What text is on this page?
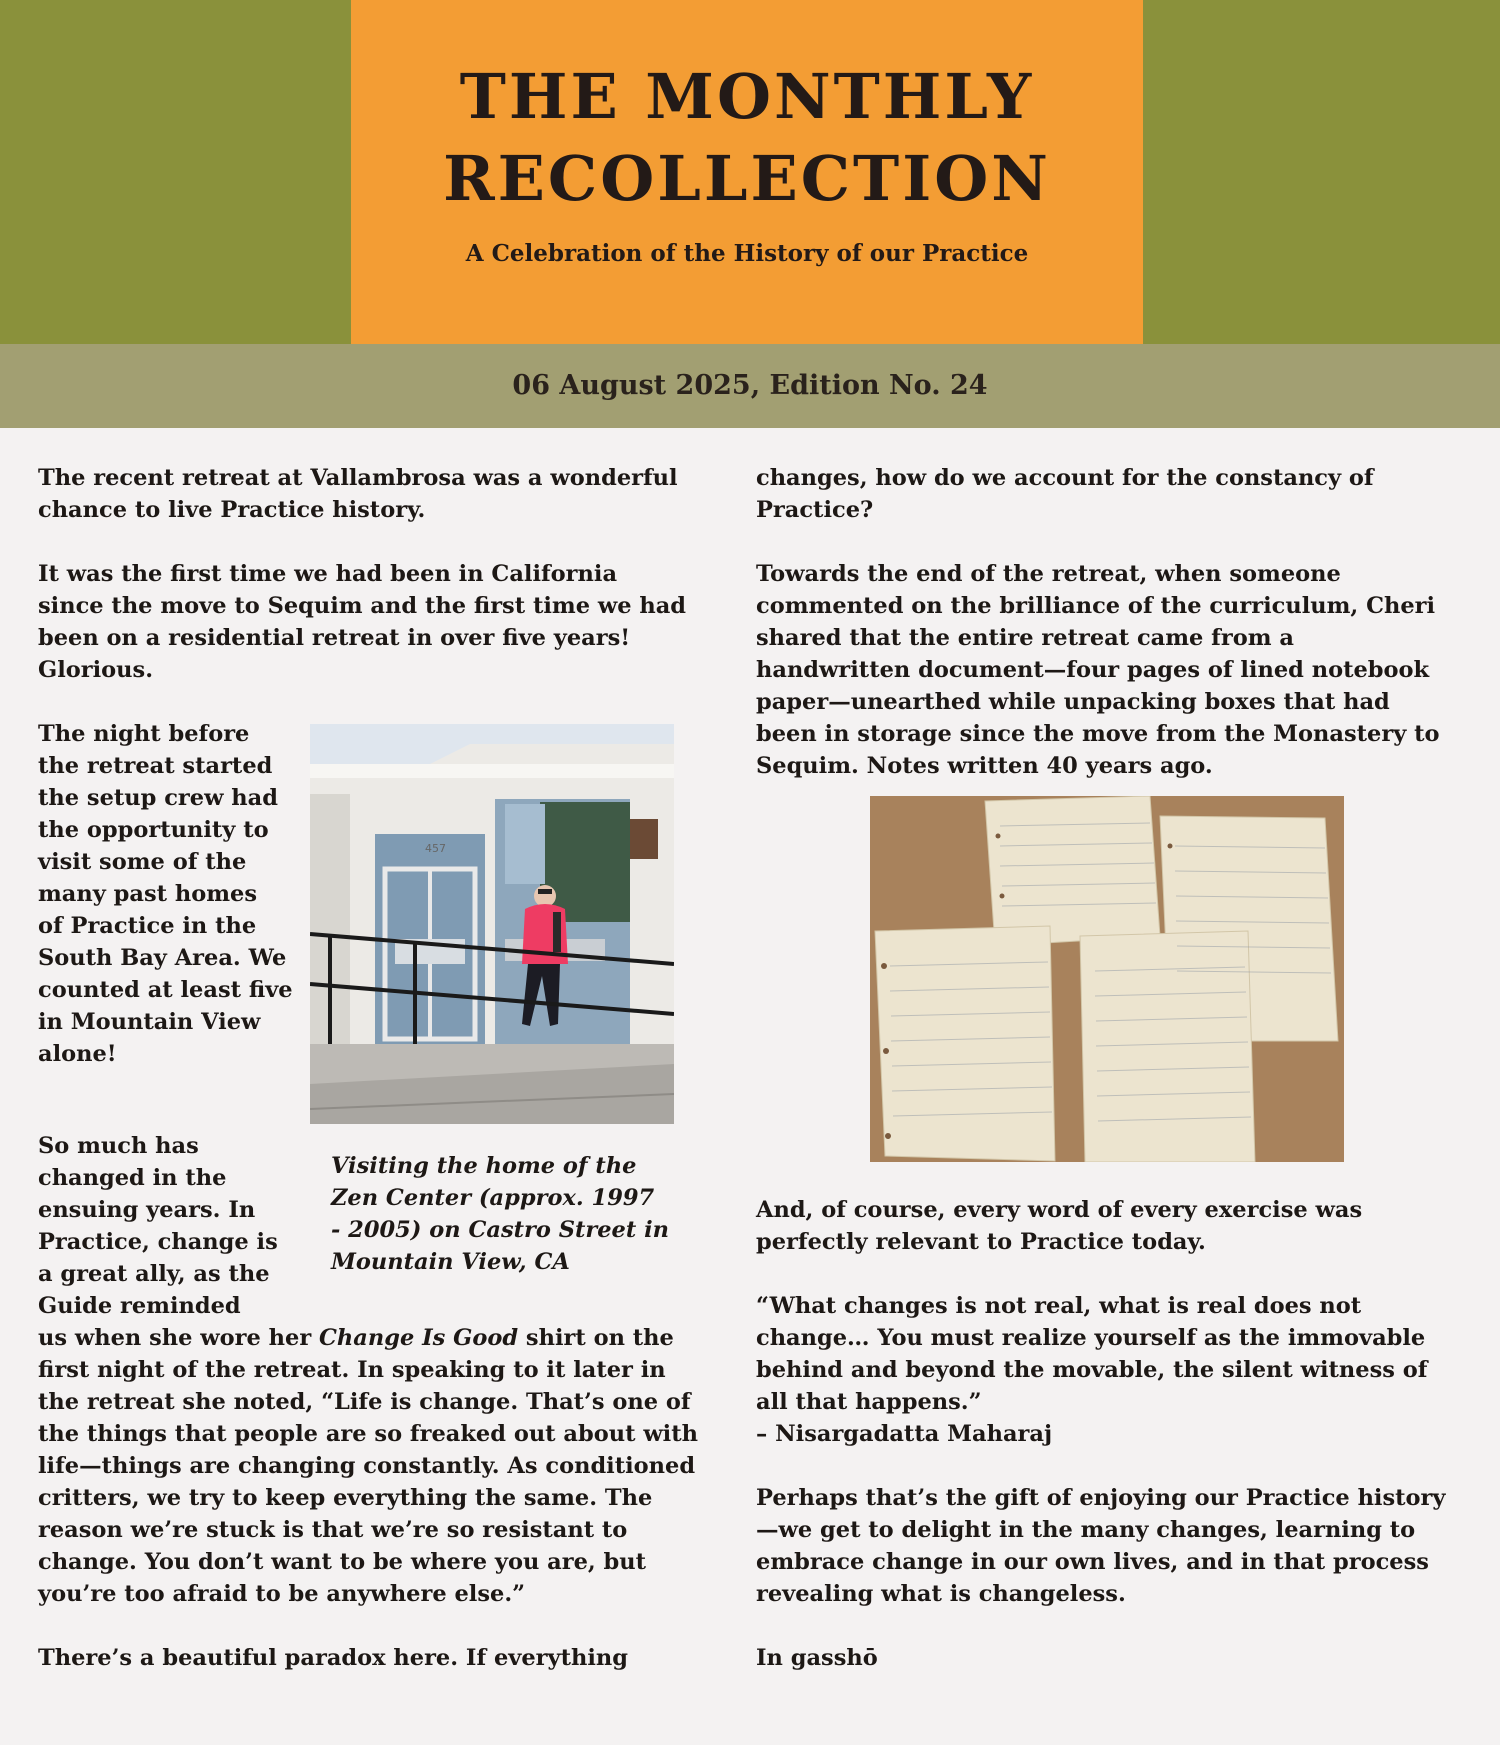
THE MONTHLY
RECOLLECTION
A Celebration of the History of our Practice
06 August 2025, Edition No. 24

The recent retreat at Vallambrosa was a wonderful chance to live Practice history.

It was the first time we had been in California since the move to Sequim and the first time we had been on a residential retreat in over five years! Glorious.

The night before
the retreat started
the setup crew had
the opportunity to
visit some of the
many past homes
of Practice in the
South Bay Area. We
counted at least five
in Mountain View
alone!

457
Visiting the home of the Zen Center (approx. 1997 - 2005) on Castro Street in Mountain View, CA

So much has
changed in the
ensuing years. In
Practice, change is
a great ally, as the
Guide reminded

us when she wore her Change Is Good shirt on the first night of the retreat. In speaking to it later in the retreat she noted, “Life is change. That’s one of the things that people are so freaked out about with life—things are changing constantly. As conditioned critters, we try to keep everything the same. The reason we’re stuck is that we’re so resistant to change. You don’t want to be where you are, but you’re too afraid to be anywhere else.”

There’s a beautiful paradox here. If everything

changes, how do we account for the constancy of Practice?

Towards the end of the retreat, when someone commented on the brilliance of the curriculum, Cheri shared that the entire retreat came from a handwritten document—four pages of lined notebook paper—unearthed while unpacking boxes that had been in storage since the move from the Monastery to Sequim. Notes written 40 years ago.

And, of course, every word of every exercise was perfectly relevant to Practice today.

“What changes is not real, what is real does not change… You must realize yourself as the immovable behind and beyond the movable, the silent witness of all that happens.”

– Nisargadatta Maharaj

Perhaps that’s the gift of enjoying our Practice history—we get to delight in the many changes, learning to embrace change in our own lives, and in that process revealing what is changeless.

In gasshō
